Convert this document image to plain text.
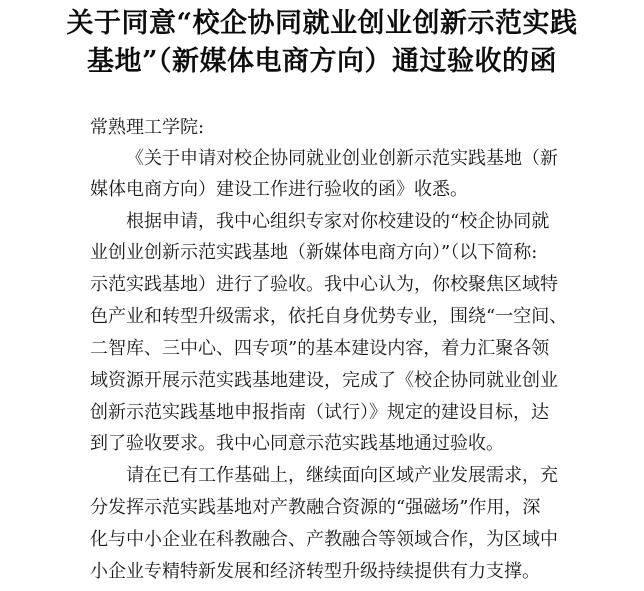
关于同意“校企协同就业创业创新示范实践
基地”（新媒体电商方向）通过验收的函
常熟理工学院:
《关于申请对校企协同就业创业创新示范实践基地（新
媒体电商方向）建设工作进行验收的函》收悉。
根据申请，我中心组织专家对你校建设的“校企协同就
业创业创新示范实践基地（新媒体电商方向）”（以下简称:
示范实践基地）进行了验收。我中心认为，你校聚焦区域特
色产业和转型升级需求，依托自身优势专业，围绕“一空间、
二智库、三中心、四专项”的基本建设内容，着力汇聚各领
域资源开展示范实践基地建设，完成了《校企协同就业创业
创新示范实践基地申报指南（试行）》规定的建设目标，达
到了验收要求。我中心同意示范实践基地通过验收。
请在已有工作基础上，继续面向区域产业发展需求，充
分发挥示范实践基地对产教融合资源的“强磁场”作用，深
化与中小企业在科教融合、产教融合等领域合作，为区域中
小企业专精特新发展和经济转型升级持续提供有力支撑。
